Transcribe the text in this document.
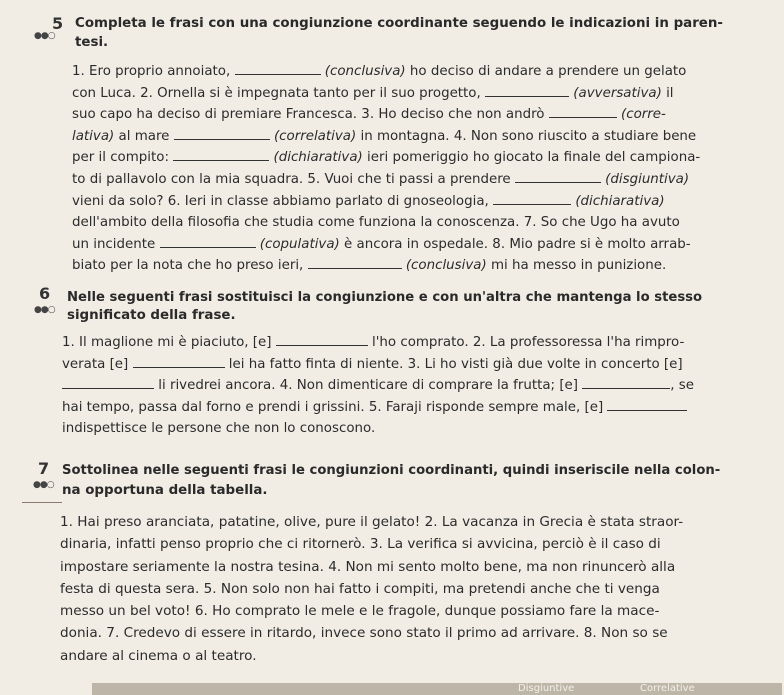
5
●●○
Completa le frasi con una congiunzione coordinante seguendo le indicazioni in paren-
tesi.
1. Ero proprio annoiato,	(conclusiva) ho deciso di andare a prendere un gelato
con Luca. 2. Ornella si è impegnata tanto per il suo progetto,	(avversativa) il
suo capo ha deciso di premiare Francesca. 3. Ho deciso che non andrò	(corre-
lativa) al mare	(correlativa) in montagna. 4. Non sono riuscito a studiare bene
per il compito:	(dichiarativa) ieri pomeriggio ho giocato la finale del campiona-
to di pallavolo con la mia squadra. 5. Vuoi che ti passi a prendere	(disgiuntiva)
vieni da solo? 6. Ieri in classe abbiamo parlato di gnoseologia,	(dichiarativa)
dell'ambito della filosofia che studia come funziona la conoscenza. 7. So che Ugo ha avuto
un incidente	(copulativa) è ancora in ospedale. 8. Mio padre si è molto arrab-
biato per la nota che ho preso ieri,	(conclusiva) mi ha messo in punizione.
6
●●○
Nelle seguenti frasi sostituisci la congiunzione e con un'altra che mantenga lo stesso
significato della frase.
1. Il maglione mi è piaciuto, [e]	l'ho comprato. 2. La professoressa l'ha rimpro-
verata [e]	lei ha fatto finta di niente. 3. Li ho visti già due volte in concerto [e]
li rivedrei ancora. 4. Non dimenticare di comprare la frutta; [e]	, se
hai tempo, passa dal forno e prendi i grissini. 5. Faraji risponde sempre male, [e]
indispettisce le persone che non lo conoscono.
7
●●○
Sottolinea nelle seguenti frasi le congiunzioni coordinanti, quindi inseriscile nella colon-
na opportuna della tabella.
1. Hai preso aranciata, patatine, olive, pure il gelato! 2. La vacanza in Grecia è stata straor-
dinaria, infatti penso proprio che ci ritornerò. 3. La verifica si avvicina, perciò è il caso di
impostare seriamente la nostra tesina. 4. Non mi sento molto bene, ma non rinuncerò alla
festa di questa sera. 5. Non solo non hai fatto i compiti, ma pretendi anche che ti venga
messo un bel voto! 6. Ho comprato le mele e le fragole, dunque possiamo fare la mace-
donia. 7. Credevo di essere in ritardo, invece sono stato il primo ad arrivare. 8. Non so se
andare al cinema o al teatro.
Disgiuntive	Correlative
